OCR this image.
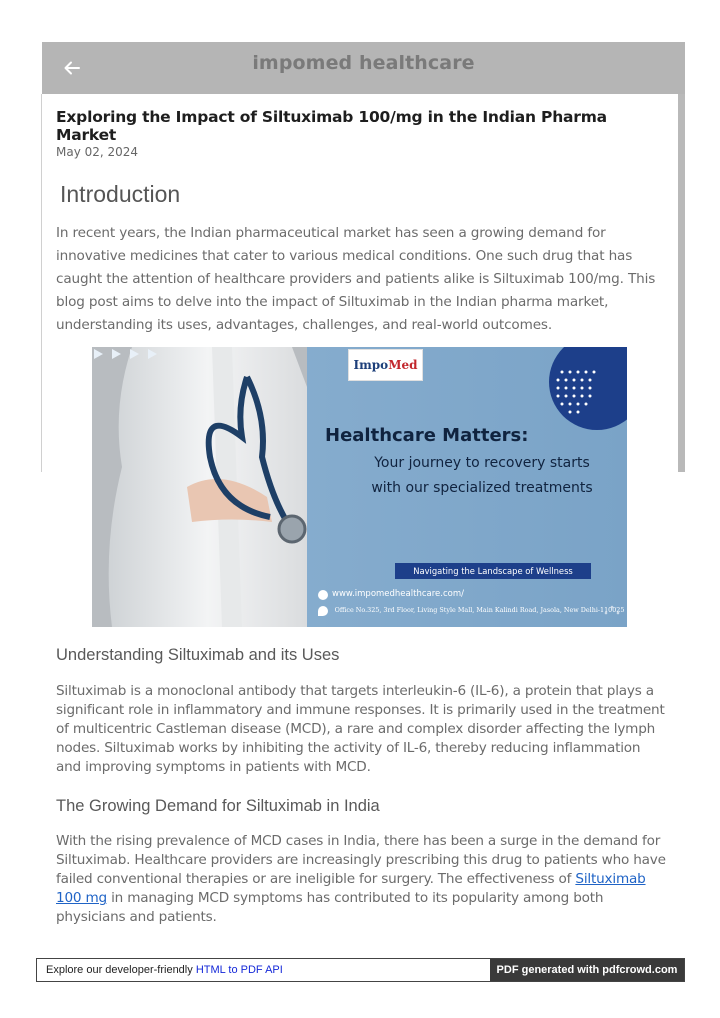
impomed healthcare
Exploring the Impact of Siltuximab 100/mg in the Indian Pharma Market
May 02, 2024
Introduction

In recent years, the Indian pharmaceutical market has seen a growing demand for innovative medicines that cater to various medical conditions. One such drug that has caught the attention of healthcare providers and patients alike is Siltuximab 100/mg. This blog post aims to delve into the impact of Siltuximab in the Indian pharma market, understanding its uses, advantages, challenges, and real-world outcomes.

Impo Med
Healthcare Matters:
Your journey to recovery starts with our specialized treatments
Navigating the Landscape of Wellness
www.impomedhealthcare.com/
Office No.325, 3rd Floor, Living Style Mall, Main Kalindi Road, Jasola, New Delhi-110025
Understanding Siltuximab and its Uses

Siltuximab is a monoclonal antibody that targets interleukin-6 (IL-6), a protein that plays a significant role in inflammatory and immune responses. It is primarily used in the treatment of multicentric Castleman disease (MCD), a rare and complex disorder affecting the lymph nodes. Siltuximab works by inhibiting the activity of IL-6, thereby reducing inflammation and improving symptoms in patients with MCD.

The Growing Demand for Siltuximab in India

With the rising prevalence of MCD cases in India, there has been a surge in the demand for Siltuximab. Healthcare providers are increasingly prescribing this drug to patients who have failed conventional therapies or are ineligible for surgery. The effectiveness of Siltuximab 100 mg in managing MCD symptoms has contributed to its popularity among both physicians and patients.

Explore our developer-friendly HTML to PDF API	PDF generated with pdfcrowd.com
